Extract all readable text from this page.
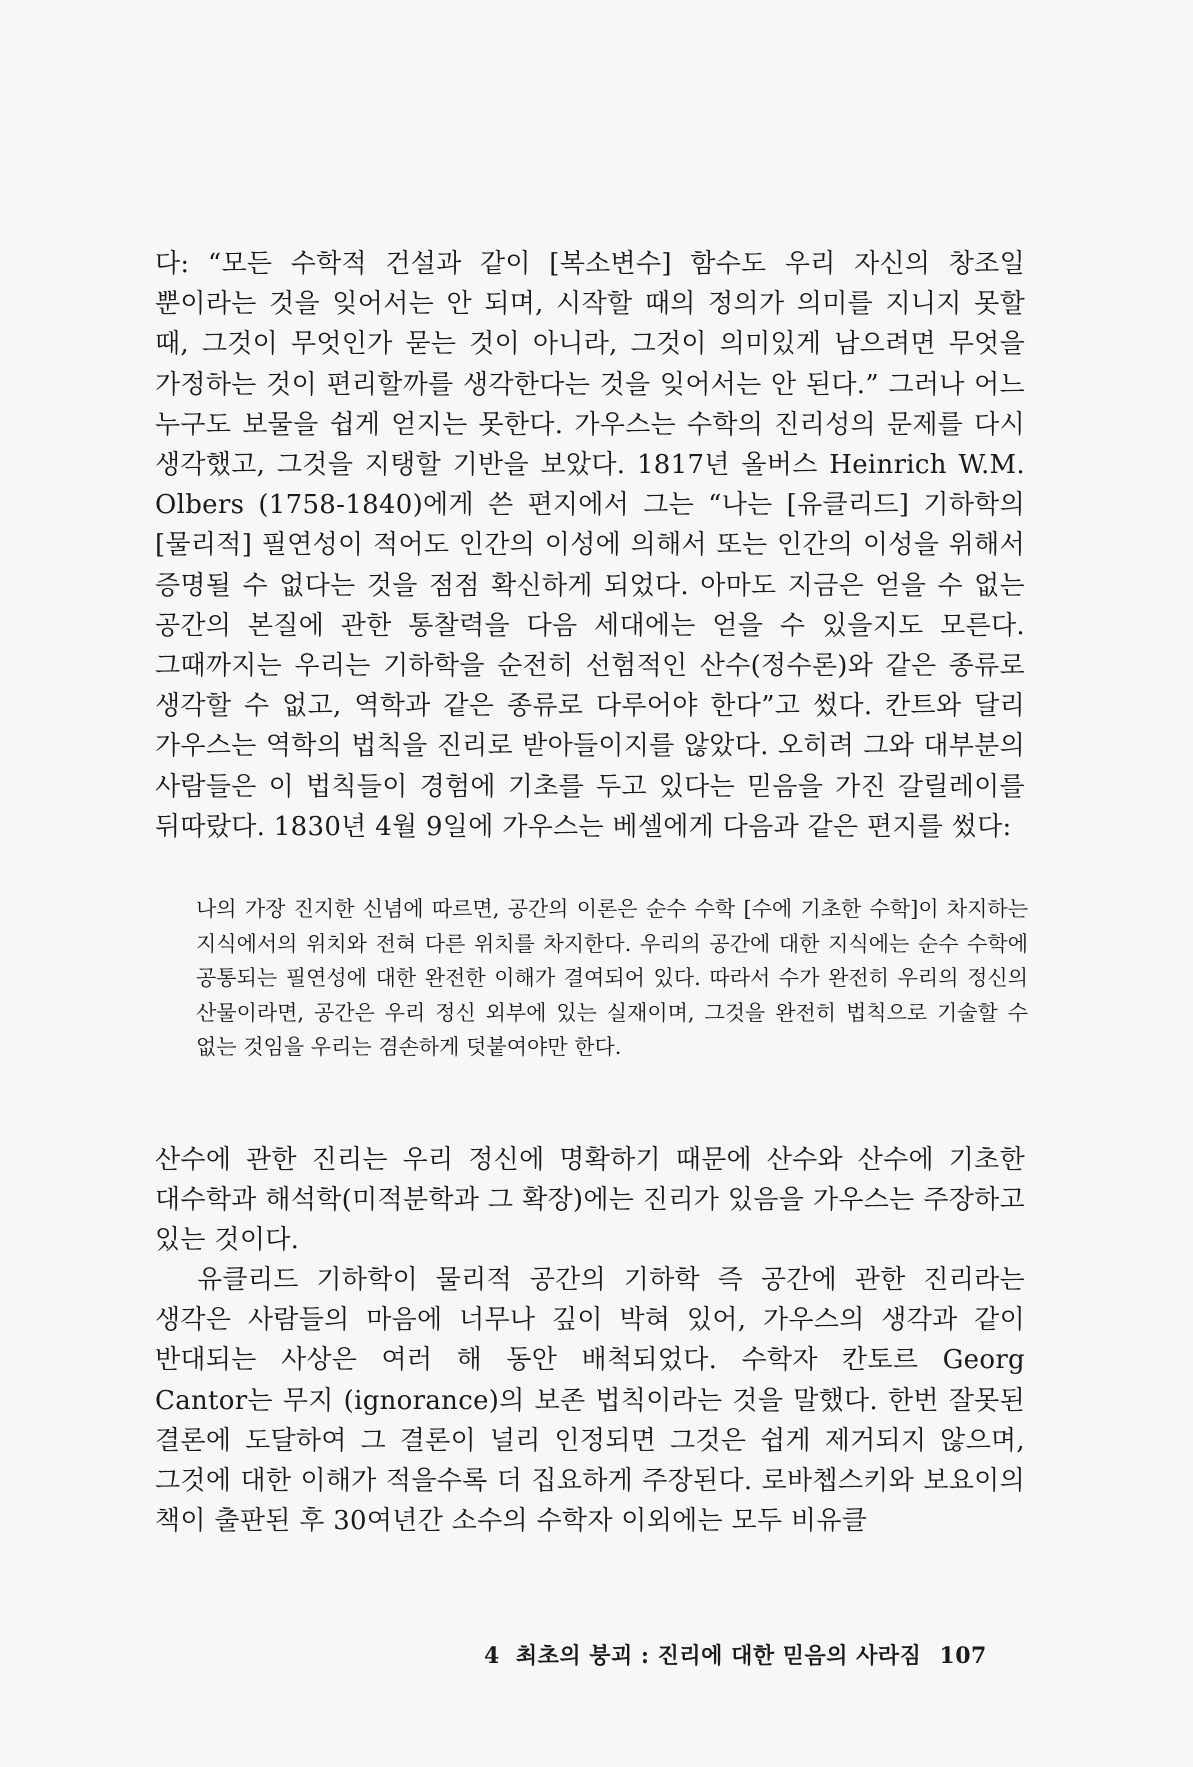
다: “모든 수학적 건설과 같이 [복소변수] 함수도 우리 자신의 창조일 뿐이라는 것을 잊어서는 안 되며, 시작할 때의 정의가 의미를 지니지 못할 때, 그것이 무엇인가 묻는 것이 아니라, 그것이 의미있게 남으려면 무엇을 가정하는 것이 편리할까를 생각한다는 것을 잊어서는 안 된다.” 그러나 어느 누구도 보물을 쉽게 얻지는 못한다. 가우스는 수학의 진리성의 문제를 다시 생각했고, 그것을 지탱할 기반을 보았다. 1817년 올버스 Heinrich W.M. Olbers (1758-1840)에게 쓴 편지에서 그는 “나는 [유클리드] 기하학의 [물리적] 필연성이 적어도 인간의 이성에 의해서 또는 인간의 이성을 위해서 증명될 수 없다는 것을 점점 확신하게 되었다. 아마도 지금은 얻을 수 없는 공간의 본질에 관한 통찰력을 다음 세대에는 얻을 수 있을지도 모른다. 그때까지는 우리는 기하학을 순전히 선험적인 산수(정수론)와 같은 종류로 생각할 수 없고, 역학과 같은 종류로 다루어야 한다”고 썼다. 칸트와 달리 가우스는 역학의 법칙을 진리로 받아들이지를 않았다. 오히려 그와 대부분의 사람들은 이 법칙들이 경험에 기초를 두고 있다는 믿음을 가진 갈릴레이를 뒤따랐다. 1830년 4월 9일에 가우스는 베셀에게 다음과 같은 편지를 썼다:

나의 가장 진지한 신념에 따르면, 공간의 이론은 순수 수학 [수에 기초한 수학]이 차지하는 지식에서의 위치와 전혀 다른 위치를 차지한다. 우리의 공간에 대한 지식에는 순수 수학에 공통되는 필연성에 대한 완전한 이해가 결여되어 있다. 따라서 수가 완전히 우리의 정신의 산물이라면, 공간은 우리 정신 외부에 있는 실재이며, 그것을 완전히 법칙으로 기술할 수 없는 것임을 우리는 겸손하게 덧붙여야만 한다.

산수에 관한 진리는 우리 정신에 명확하기 때문에 산수와 산수에 기초한 대수학과 해석학(미적분학과 그 확장)에는 진리가 있음을 가우스는 주장하고 있는 것이다.

유클리드 기하학이 물리적 공간의 기하학 즉 공간에 관한 진리라는 생각은 사람들의 마음에 너무나 깊이 박혀 있어, 가우스의 생각과 같이 반대되는 사상은 여러 해 동안 배척되었다. 수학자 칸토르 Georg Cantor는 무지 (ignorance)의 보존 법칙이라는 것을 말했다. 한번 잘못된 결론에 도달하여 그 결론이 널리 인정되면 그것은 쉽게 제거되지 않으며, 그것에 대한 이해가 적을수록 더 집요하게 주장된다. 로바쳅스키와 보요이의 책이 출판된 후 30여년간 소수의 수학자 이외에는 모두 비유클

4 최초의 붕괴 : 진리에 대한 믿음의 사라짐 107
